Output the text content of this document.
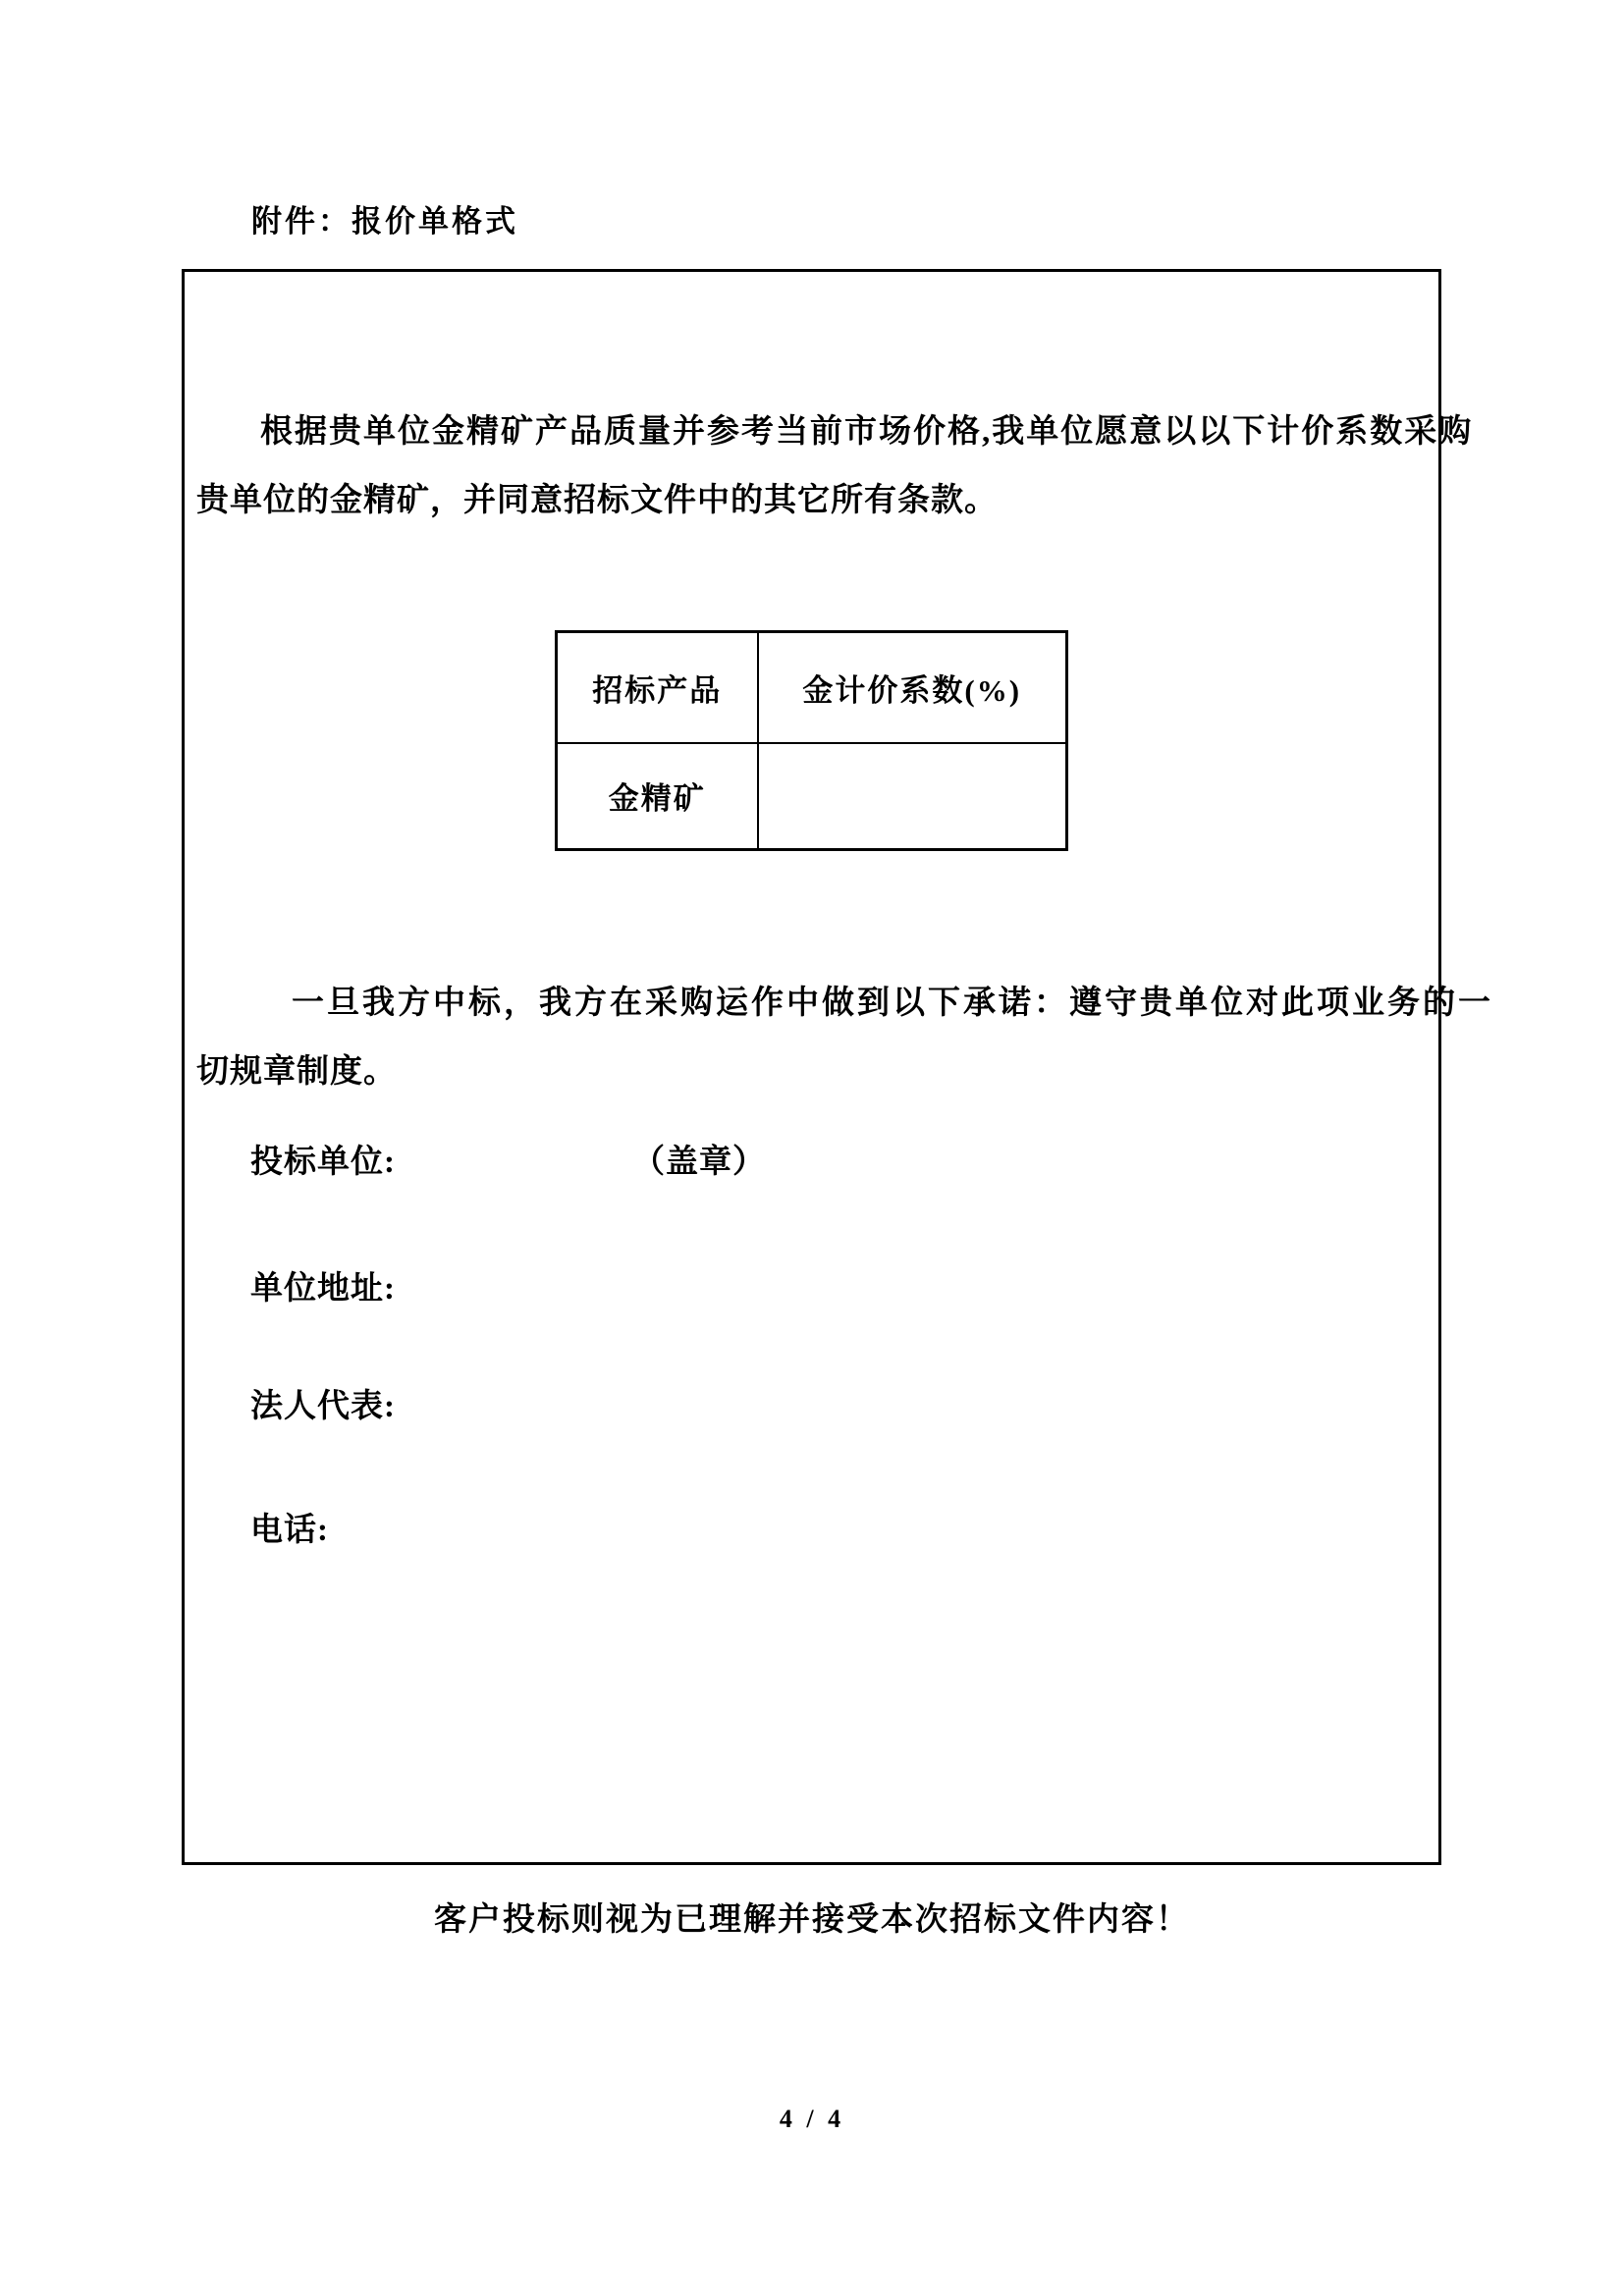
附件：报价单格式
根据贵单位金精矿产品质量并参考当前市场价格,我单位愿意以以下计价系数采购
贵单位的金精矿，并同意招标文件中的其它所有条款。
招标产品	金计价系数(%)
金精矿	
一旦我方中标，我方在采购运作中做到以下承诺：遵守贵单位对此项业务的一
切规章制度。
投标单位:	（盖章）
单位地址:
法人代表:
电话:
客户投标则视为已理解并接受本次招标文件内容！
4 / 4
